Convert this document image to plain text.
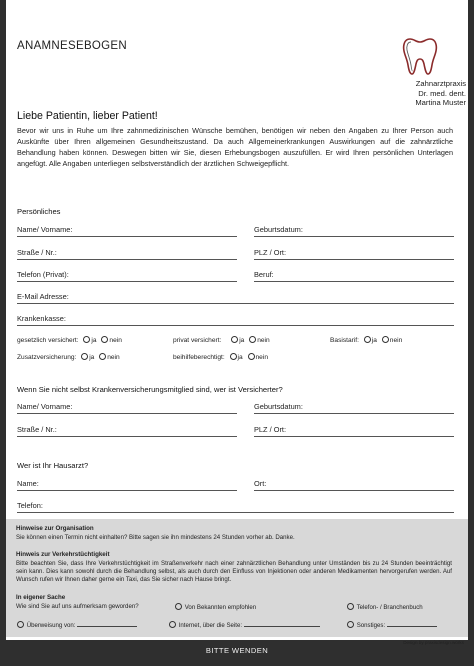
ANAMNESEBOGEN
Zahnarztpraxis
Dr. med. dent.
Martina Muster
Liebe Patientin, lieber Patient!
Bevor wir uns in Ruhe um Ihre zahnmedizinischen Wünsche bemühen, benötigen wir neben den Angaben zu Ihrer Person auch Auskünfte über Ihren allgemeinen Gesundheitszustand. Da auch Allgemeinerkrankungen Auswirkungen auf die zahnärztliche Behandlung haben können. Deswegen bitten wir Sie, diesen Erhebungsbogen auszufüllen. Er wird Ihren persönlichen Unterlagen angefügt. Alle Angaben unterliegen selbstverständlich der ärztlichen Schweigepflicht.
Persönliches
Name/ Vorname:	Geburtsdatum:
Straße / Nr.:	PLZ / Ort:
Telefon (Privat):	Beruf:
E-Mail Adresse:
Krankenkasse:
gesetzlich versichert: ja nein	privat versichert:	ja nein	Basistarif: ja nein
Zusatzversicherung: ja nein	beihilfeberechtigt: ja nein
Wenn Sie nicht selbst Krankenversicherungsmitglied sind, wer ist Versicherter?
Name/ Vorname:	Geburtsdatum:
Straße / Nr.:	PLZ / Ort:
Wer ist Ihr Hausarzt?
Name:	Ort:
Telefon:
Hinweise zur Organisation
Sie können einen Termin nicht einhalten? Bitte sagen sie ihn mindestens 24 Stunden vorher ab. Danke.
Hinweis zur Verkehrstüchtigkeit
Bitte beachten Sie, dass Ihre Verkehrstüchtigkeit im Straßenverkehr nach einer zahnärztlichen Behandlung unter Umständen bis zu 24 Stunden beeinträchtigt sein kann. Dies kann sowohl durch die Behandlung selbst, als auch durch den Einfluss von Injektionen oder anderen Medikamenten hervorgerufen werden. Auf Wunsch rufen wir Ihnen daher gerne ein Taxi, das Sie sicher nach Hause bringt.
In eigener Sache
Wie sind Sie auf uns aufmerksam geworden?	Von Bekannten empfohlen	Telefon- / Branchenbuch
Überweisung von:	Internet, über die Seite:	Sonstiges:
BITTE WENDEN
Design by praxisdesign.works
